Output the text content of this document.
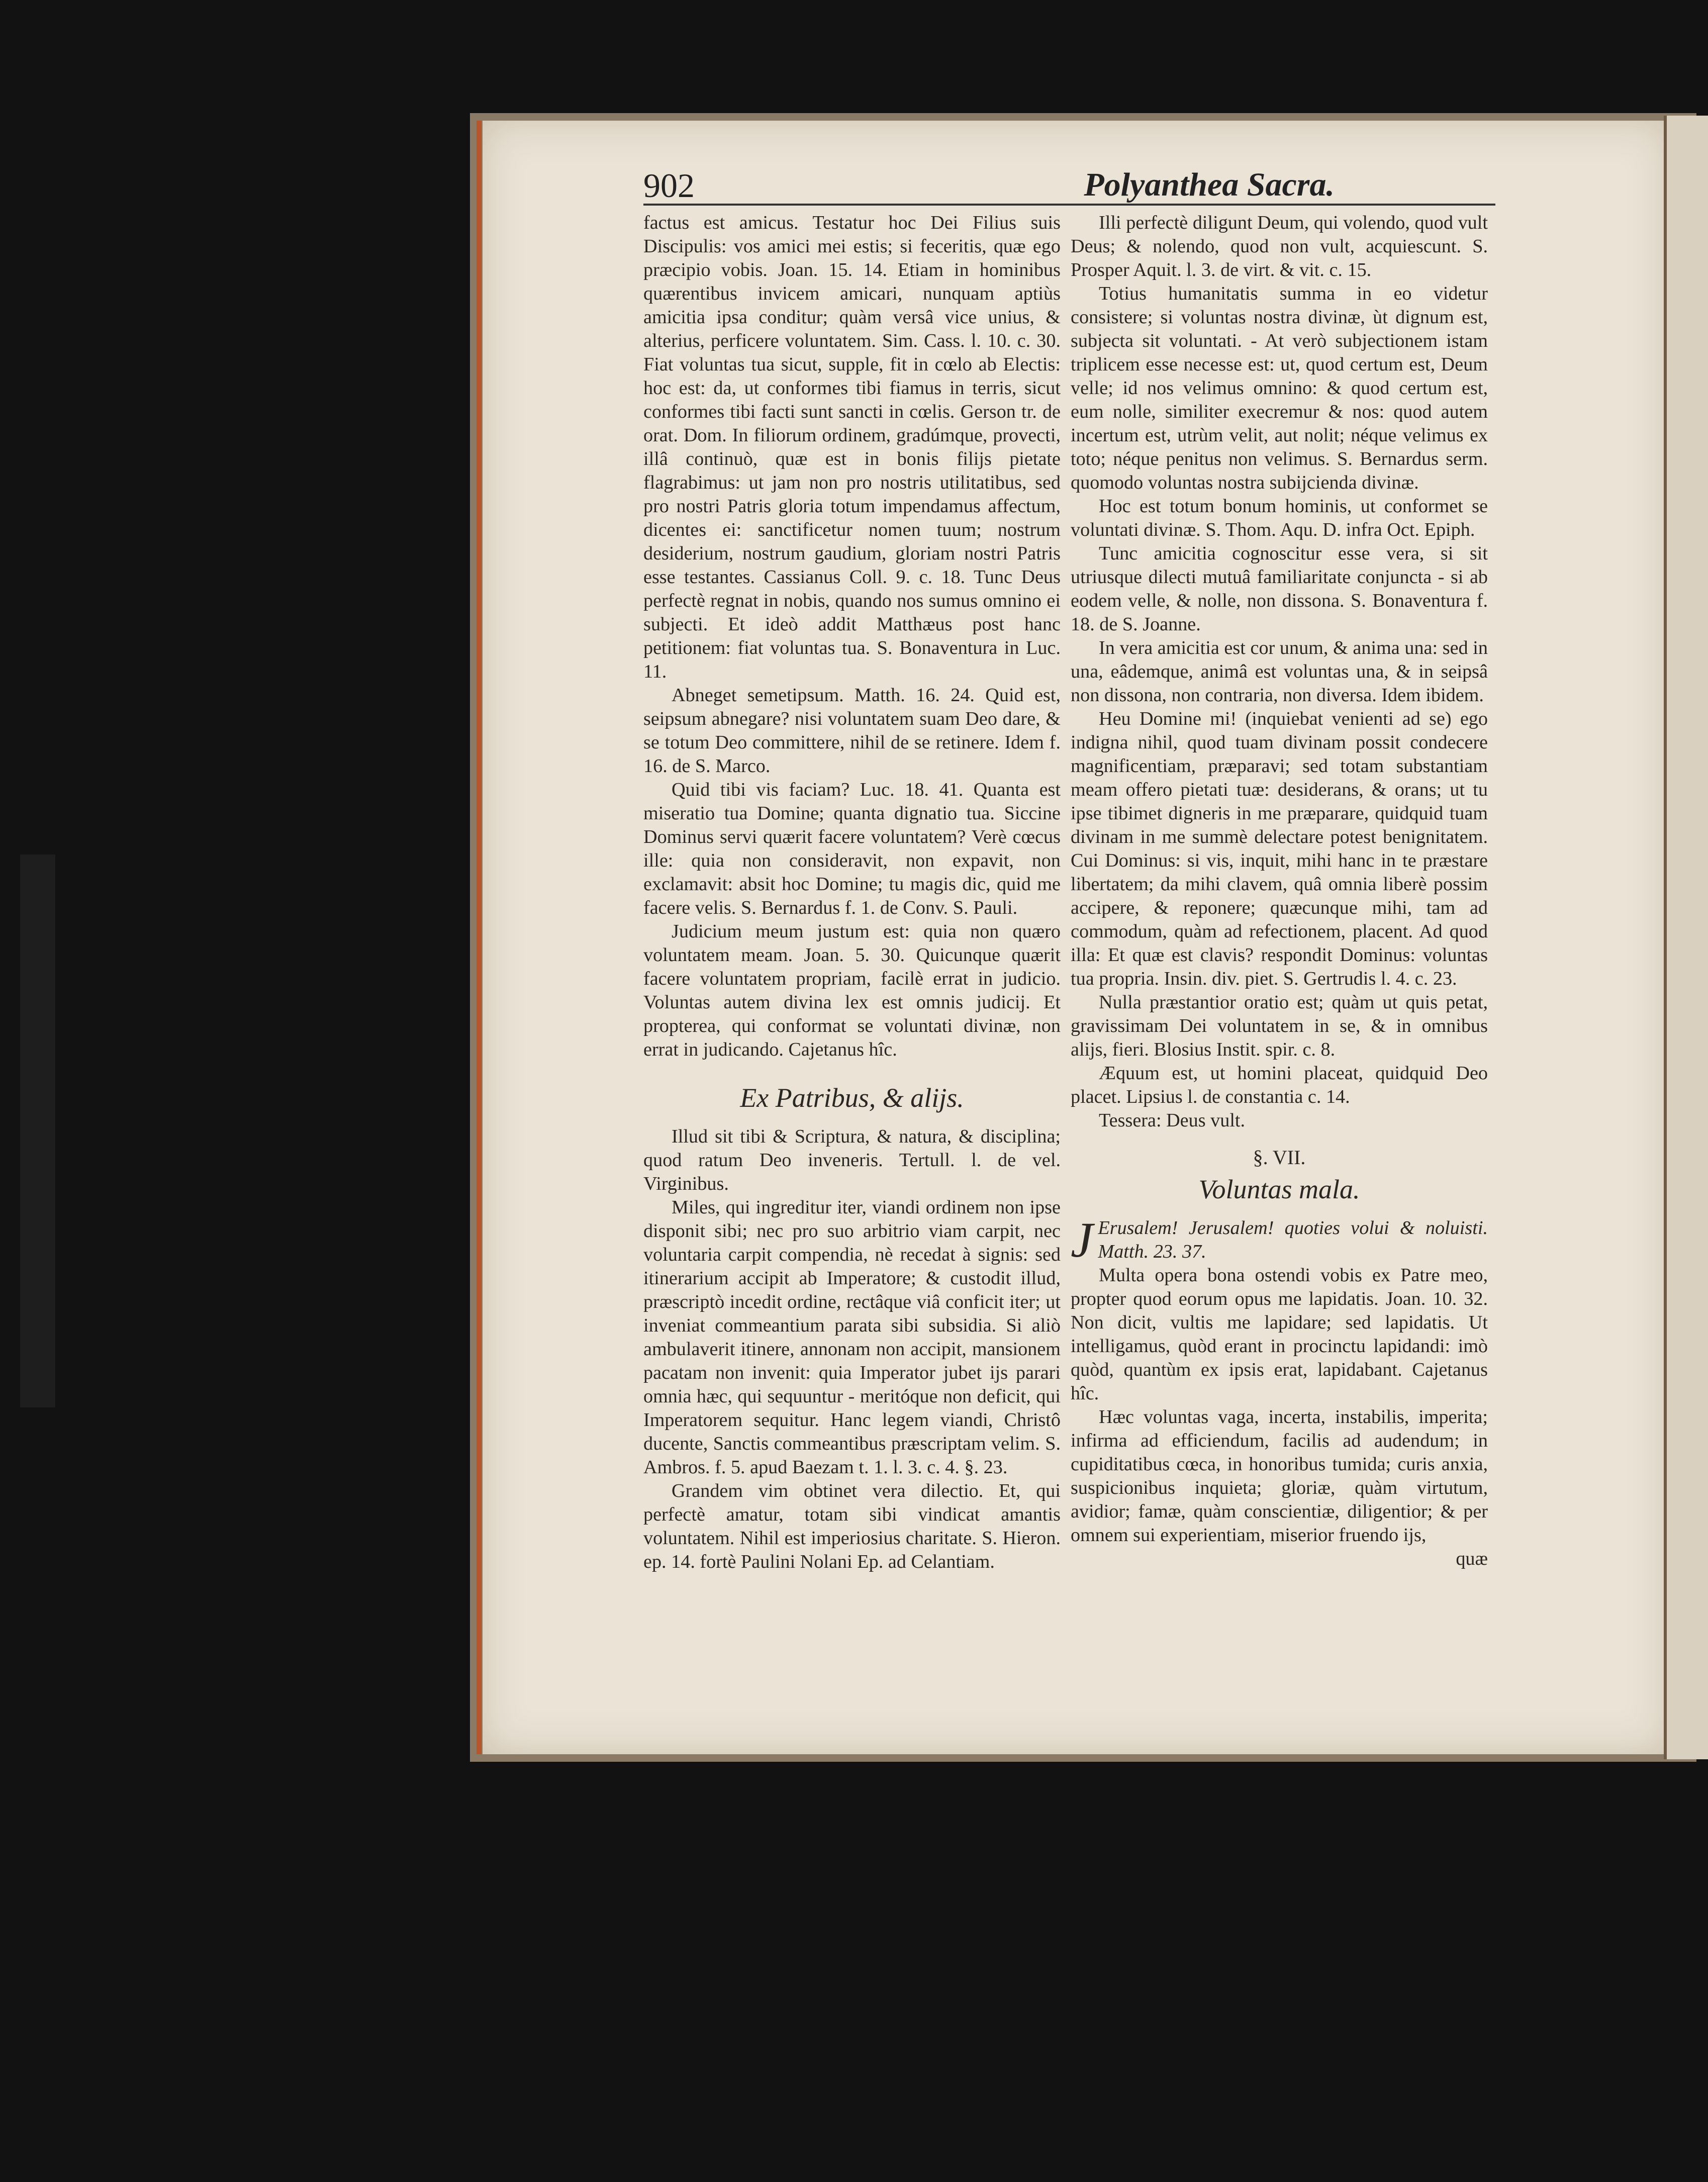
902	Polyanthea Sacra.

factus est amicus. Testatur hoc Dei Filius suis Discipulis: vos amici mei estis; si feceritis, quæ ego præcipio vobis. Joan. 15. 14. Etiam in hominibus quærentibus invicem amicari, nunquam aptiùs amicitia ipsa conditur; quàm versâ vice unius, & alterius, perficere voluntatem. Sim. Cass. l. 10. c. 30. Fiat voluntas tua sicut, supple, fit in cœlo ab Electis: hoc est: da, ut conformes tibi fiamus in terris, sicut conformes tibi facti sunt sancti in cœlis. Gerson tr. de orat. Dom. In filiorum ordinem, gradúmque, provecti, illâ continuò, quæ est in bonis filijs pietate flagrabimus: ut jam non pro nostris utilitatibus, sed pro nostri Patris gloria totum impendamus affectum, dicentes ei: sanctificetur nomen tuum; nostrum desiderium, nostrum gaudium, gloriam nostri Patris esse testantes. Cassianus Coll. 9. c. 18. Tunc Deus perfectè regnat in nobis, quando nos sumus omnino ei subjecti. Et ideò addit Matthæus post hanc petitionem: fiat voluntas tua. S. Bonaventura in Luc. 11.

Abneget semetipsum. Matth. 16. 24. Quid est, seipsum abnegare? nisi voluntatem suam Deo dare, & se totum Deo committere, nihil de se retinere. Idem f. 16. de S. Marco.

Quid tibi vis faciam? Luc. 18. 41. Quanta est miseratio tua Domine; quanta dignatio tua. Siccine Dominus servi quærit facere voluntatem? Verè cœcus ille: quia non consideravit, non expavit, non exclamavit: absit hoc Domine; tu magis dic, quid me facere velis. S. Bernardus f. 1. de Conv. S. Pauli.

Judicium meum justum est: quia non quæro voluntatem meam. Joan. 5. 30. Quicunque quærit facere voluntatem propriam, facilè errat in judicio. Voluntas autem divina lex est omnis judicij. Et propterea, qui conformat se voluntati divinæ, non errat in judicando. Cajetanus hîc.

Ex Patribus, & alijs.

Illud sit tibi & Scriptura, & natura, & disciplina; quod ratum Deo inveneris. Tertull. l. de vel. Virginibus.

Miles, qui ingreditur iter, viandi ordinem non ipse disponit sibi; nec pro suo arbitrio viam carpit, nec voluntaria carpit compendia, nè recedat à signis: sed itinerarium accipit ab Imperatore; & custodit illud, præscriptò incedit ordine, rectâque viâ conficit iter; ut inveniat commeantium parata sibi subsidia. Si aliò ambulaverit itinere, annonam non accipit, mansionem pacatam non invenit: quia Imperator jubet ijs parari omnia hæc, qui sequuntur - meritóque non deficit, qui Imperatorem sequitur. Hanc legem viandi, Christô ducente, Sanctis commeantibus præscriptam velim. S. Ambros. f. 5. apud Baezam t. 1. l. 3. c. 4. §. 23.

Grandem vim obtinet vera dilectio. Et, qui perfectè amatur, totam sibi vindicat amantis voluntatem. Nihil est imperiosius charitate. S. Hieron. ep. 14. fortè Paulini Nolani Ep. ad Celantiam.

Illi perfectè diligunt Deum, qui volendo, quod vult Deus; & nolendo, quod non vult, acquiescunt. S. Prosper Aquit. l. 3. de virt. & vit. c. 15.

Totius humanitatis summa in eo videtur consistere; si voluntas nostra divinæ, ùt dignum est, subjecta sit voluntati. - At verò subjectionem istam triplicem esse necesse est: ut, quod certum est, Deum velle; id nos velimus omnino: & quod certum est, eum nolle, similiter execremur & nos: quod autem incertum est, utrùm velit, aut nolit; néque velimus ex toto; néque penitus non velimus. S. Bernardus serm. quomodo voluntas nostra subijcienda divinæ.

Hoc est totum bonum hominis, ut conformet se voluntati divinæ. S. Thom. Aqu. D. infra Oct. Epiph.

Tunc amicitia cognoscitur esse vera, si sit utriusque dilecti mutuâ familiaritate conjuncta - si ab eodem velle, & nolle, non dissona. S. Bonaventura f. 18. de S. Joanne.

In vera amicitia est cor unum, & anima una: sed in una, eâdemque, animâ est voluntas una, & in seipsâ non dissona, non contraria, non diversa. Idem ibidem.

Heu Domine mi! (inquiebat venienti ad se) ego indigna nihil, quod tuam divinam possit condecere magnificentiam, præparavi; sed totam substantiam meam offero pietati tuæ: desiderans, & orans; ut tu ipse tibimet digneris in me præparare, quidquid tuam divinam in me summè delectare potest benignitatem. Cui Dominus: si vis, inquit, mihi hanc in te præstare libertatem; da mihi clavem, quâ omnia liberè possim accipere, & reponere; quæcunque mihi, tam ad commodum, quàm ad refectionem, placent. Ad quod illa: Et quæ est clavis? respondit Dominus: voluntas tua propria. Insin. div. piet. S. Gertrudis l. 4. c. 23.

Nulla præstantior oratio est; quàm ut quis petat, gravissimam Dei voluntatem in se, & in omnibus alijs, fieri. Blosius Instit. spir. c. 8.

Æquum est, ut homini placeat, quidquid Deo placet. Lipsius l. de constantia c. 14.

Tessera: Deus vult.

§. VII.
Voluntas mala.

J Erusalem! Jerusalem! quoties volui & noluisti. Matth. 23. 37.

Multa opera bona ostendi vobis ex Patre meo, propter quod eorum opus me lapidatis. Joan. 10. 32. Non dicit, vultis me lapidare; sed lapidatis. Ut intelligamus, quòd erant in procinctu lapidandi: imò quòd, quantùm ex ipsis erat, lapidabant. Cajetanus hîc.

Hæc voluntas vaga, incerta, instabilis, imperita; infirma ad efficiendum, facilis ad audendum; in cupiditatibus cœca, in honoribus tumida; curis anxia, suspicionibus inquieta; gloriæ, quàm virtutum, avidior; famæ, quàm conscientiæ, diligentior; & per omnem sui experientiam, miserior fruendo ijs,

quæ
